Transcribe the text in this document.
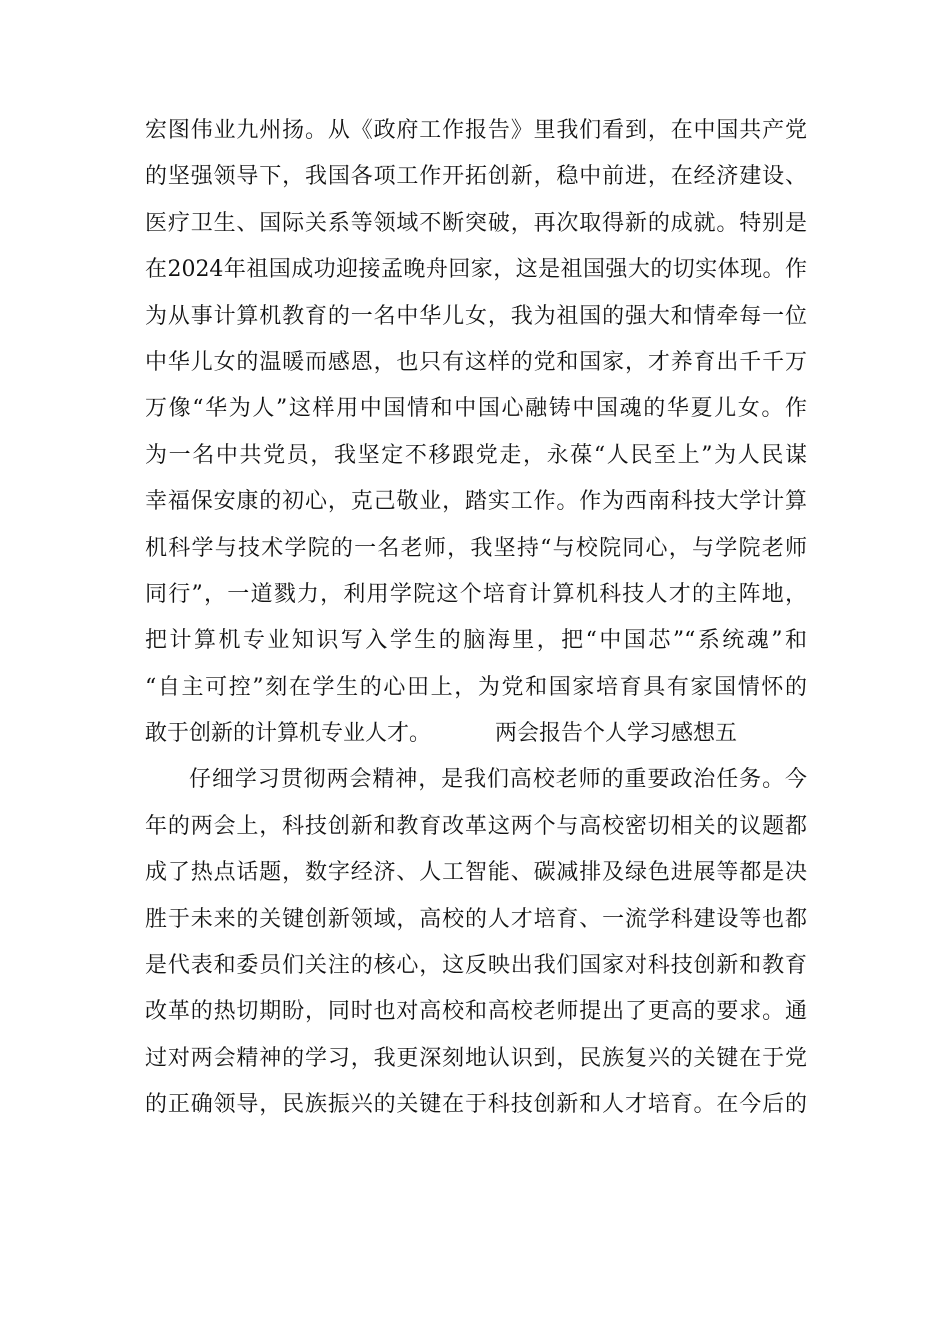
宏图伟业九州扬。从《政府工作报告》里我们看到，在中国共产党
的坚强领导下，我国各项工作开拓创新，稳中前进，在经济建设、
医疗卫生、国际关系等领域不断突破，再次取得新的成就。特别是
在2024年祖国成功迎接孟晚舟回家，这是祖国强大的切实体现。作
为从事计算机教育的一名中华儿女，我为祖国的强大和情牵每一位
中华儿女的温暖而感恩，也只有这样的党和国家，才养育出千千万
万像“华为人”这样用中国情和中国心融铸中国魂的华夏儿女。作
为一名中共党员，我坚定不移跟党走，永葆“人民至上”为人民谋
幸福保安康的初心，克己敬业，踏实工作。作为西南科技大学计算
机科学与技术学院的一名老师，我坚持“与校院同心，与学院老师
同行”，一道戮力，利用学院这个培育计算机科技人才的主阵地，
把计算机专业知识写入学生的脑海里，把“中国芯”“系统魂”和
“自主可控”刻在学生的心田上，为党和国家培育具有家国情怀的
敢于创新的计算机专业人才。	两会报告个人学习感想五
仔细学习贯彻两会精神，是我们高校老师的重要政治任务。今
年的两会上，科技创新和教育改革这两个与高校密切相关的议题都
成了热点话题，数字经济、人工智能、碳减排及绿色进展等都是决
胜于未来的关键创新领域，高校的人才培育、一流学科建设等也都
是代表和委员们关注的核心，这反映出我们国家对科技创新和教育
改革的热切期盼，同时也对高校和高校老师提出了更高的要求。通
过对两会精神的学习，我更深刻地认识到，民族复兴的关键在于党
的正确领导，民族振兴的关键在于科技创新和人才培育。在今后的
